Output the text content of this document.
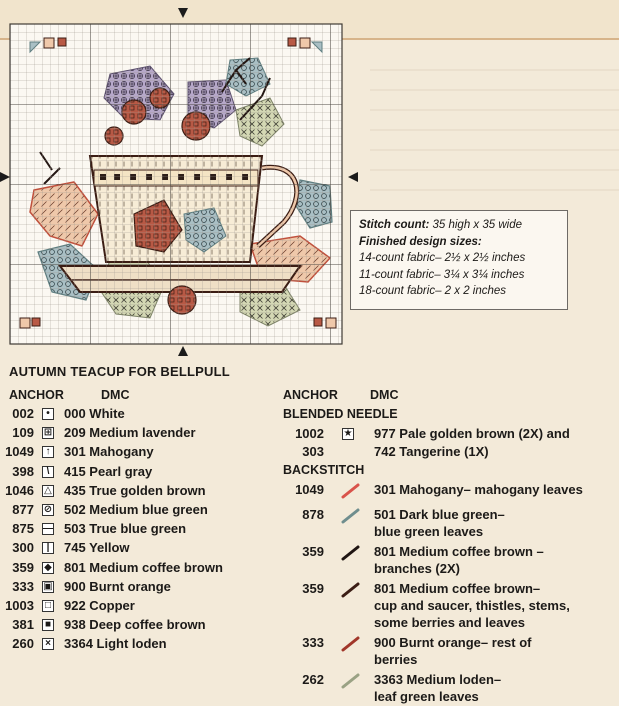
Stitch count: 35 high x 35 wide
Finished design sizes:
14-count fabric– 2½ x 2½ inches
11-count fabric– 3¼ x 3¼ inches
18-count fabric– 2 x 2 inches
AUTUMN TEACUP FOR BELLPULL
ANCHOR	DMC
002	•	000 White
109 ⊞ 209 Medium lavender
1049	↑ 301 Mahogany
398	\	415 Pearl gray
1046 △ 435 True golden brown
877 ⊘ 502 Medium blue green
875 — 503 True blue green
300	|	745 Yellow
359 ◆ 801 Medium coffee brown
333 ▣ 900 Burnt orange
1003 □ 922 Copper
381 ■ 938 Deep coffee brown
260	× 3364 Light loden
ANCHOR	DMC
BLENDED NEEDLE
1002 ★ 977 Pale golden brown (2X) and
303	742 Tangerine (1X)
BACKSTITCH
1049	301 Mahogany– mahogany leaves
878	501 Dark blue green–
blue green leaves
359	801 Medium coffee brown –
branches (2X)
359	801 Medium coffee brown–
cup and saucer, thistles, stems,
some berries and leaves
333	900 Burnt orange– rest of
berries
262	3363 Medium loden–
leaf green leaves
